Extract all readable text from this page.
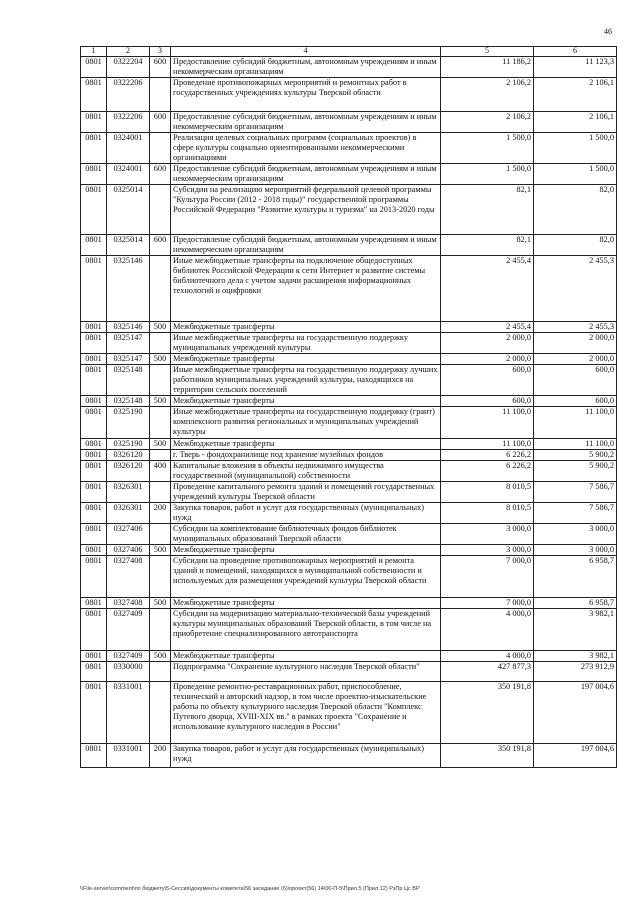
46
1	2	3	4	5	6
0801	0322204	600	Предоставление субсидий бюджетным, автономным учреждениям и иным некоммерческим организациям	11 186,2	11 123,3
0801	0322206		Проведение противопожарных мероприятий и ремонтных работ в государственных учреждениях культуры Тверской области	2 106,2	2 106,1
0801	0322206	600	Предоставление субсидий бюджетным, автономным учреждениям и иным некоммерческим организациям	2 106,2	2 106,1
0801	0324001		Реализация целевых социальных программ (социальных проектов) в сфере культуры социально ориентированными некоммерческими организациями	1 500,0	1 500,0
0801	0324001	600	Предоставление субсидий бюджетным, автономным учреждениям и иным некоммерческим организациям	1 500,0	1 500,0
0801	0325014		Субсидии на реализацию мероприятий федеральной целевой программы "Культура России (2012 - 2018 годы)" государственной программы Российской Федерации "Развитие культуры и туризма" на 2013-2020 годы	82,1	82,0
0801	0325014	600	Предоставление субсидий бюджетным, автономным учреждениям и иным некоммерческим организациям	82,1	82,0
0801	0325146		Иные межбюджетные трансферты на подключение общедоступных библиотек Российской Федерации к сети Интернет и развитие системы библиотечного дела с учетом задачи расширения информационных технологий и оцифровки	2 455,4	2 455,3
0801	0325146	500	Межбюджетные трансферты	2 455,4	2 455,3
0801	0325147		Иные межбюджетные трансферты на государственную поддержку муниципальных учреждений культуры	2 000,0	2 000,0
0801	0325147	500	Межбюджетные трансферты	2 000,0	2 000,0
0801	0325148		Иные межбюджетные трансферты на государственную поддержку лучших работников муниципальных учреждений культуры, находящихся на территории сельских поселений	600,0	600,0
0801	0325148	500	Межбюджетные трансферты	600,0	600,0
0801	0325190		Иные межбюджетные трансферты на государственную поддержку (грант) комплексного развития региональных и муниципальных учреждений культуры	11 100,0	11 100,0
0801	0325190	500	Межбюджетные трансферты	11 100,0	11 100,0
0801	0326120		г. Тверь - фондохранилище под хранение музейных фондов	6 226,2	5 900,2
0801	0326120	400	Капитальные вложения в объекты недвижимого имущества государственной (муниципальной) собственности	6 226,2	5 900,2
0801	0326301		Проведение капитального ремонта зданий и помещений государственных учреждений культуры Тверской области	8 010,5	7 586,7
0801	0326301	200	Закупка товаров, работ и услуг для государственных (муниципальных) нужд	8 010,5	7 586,7
0801	0327406		Субсидии на комплектование библиотечных фондов библиотек муниципальных образований Тверской области	3 000,0	3 000,0
0801	0327406	500	Межбюджетные трансферты	3 000,0	3 000,0
0801	0327408		Субсидии на проведение противопожарных мероприятий и ремонта зданий и помещений, находящихся в муниципальной собственности и используемых для размещения учреждений культуры Тверской области	7 000,0	6 958,7
0801	0327408	500	Межбюджетные трансферты	7 000,0	6 958,7
0801	0327409		Субсидии на модернизацию материально-технической базы учреждений культуры муниципальных образований Тверской области, в том числе на приобретение специализированного автотранспорта	4 000,0	3 982,1
0801	0327409	500	Межбюджетные трансферты	4 000,0	3 982,1
0801	0330000		Подпрограмма "Сохранение культурного наследия Тверской области"	427 877,3	273 912,9
0801	0331001		Проведение ремонтно-реставрационных работ, приспособление, технический и авторский надзор, в том числе проектно-изыскательские работы по объекту культурного наследия Тверской области "Комплекс Путевого дворца, XVIII-XIX вв." в рамках проекта "Сохранение и использование культурного наследия в России"	350 191,8	197 004,6
0801	0331001	200	Закупка товаров, работ и услуг для государственных (муниципальных) нужд	350 191,8	197 004,6
\\File-server\comment\по бюджету\5-Сессия\документы комитета\56 заседание (6)\проект(56) 14\00-П-5\Прил.5 (Прил.12) РзПр Цс ВР
